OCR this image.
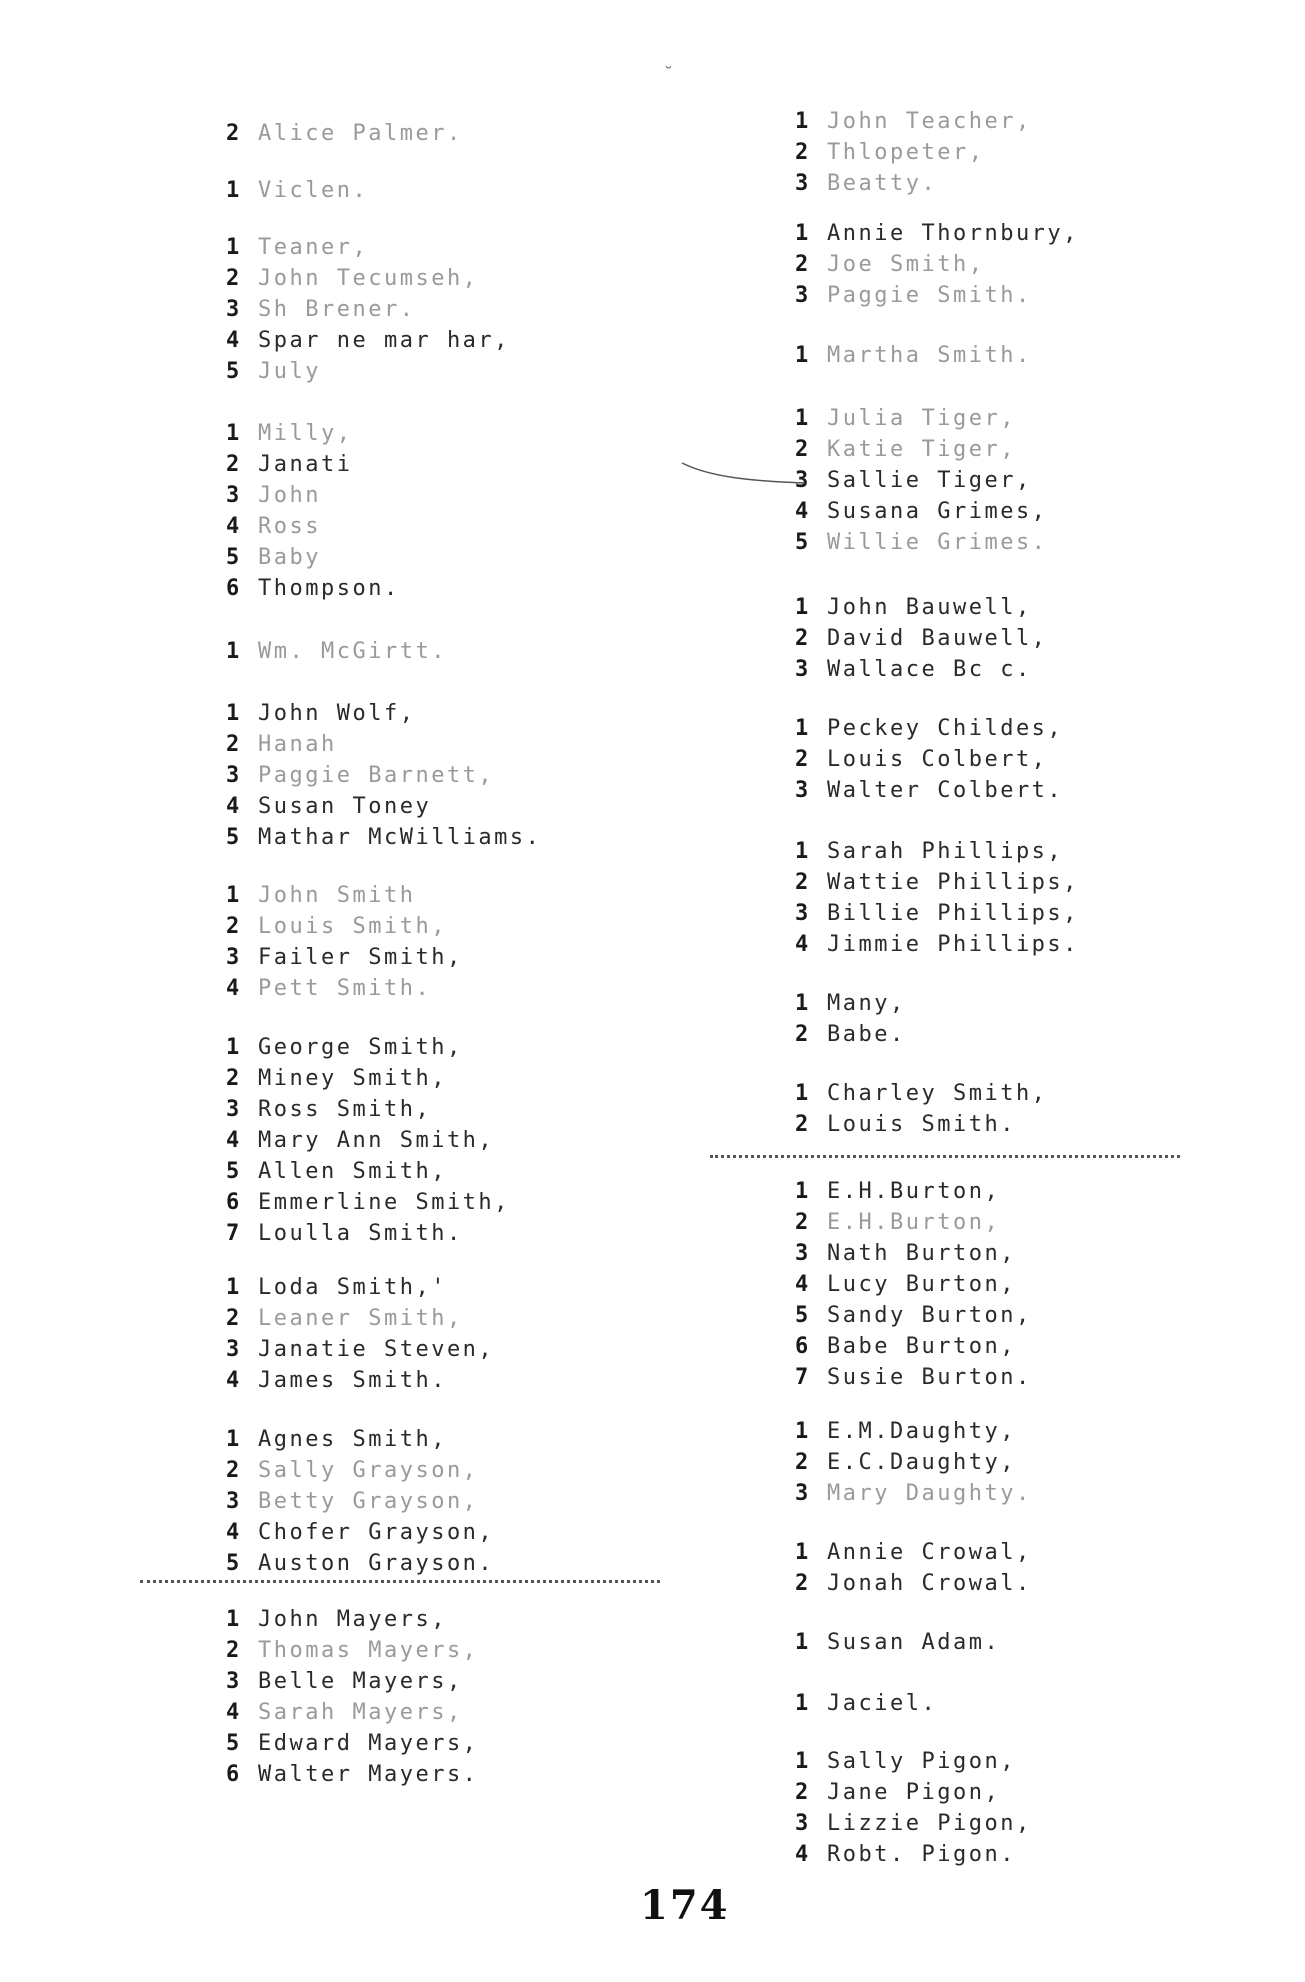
˘
2 Alice Palmer.
1 Viclen.
1 Teaner,
2 John Tecumseh,
3 Sh Brener.
4 Spar ne mar har,
5 July
1 Milly,
2 Janati
3 John
4 Ross
5 Baby
6 Thompson.
1 Wm. McGirtt.
1 John Wolf,
2 Hanah
3 Paggie Barnett,
4 Susan Toney
5 Mathar McWilliams.
1 John Smith
2 Louis Smith,
3 Failer Smith,
4 Pett Smith.
1 George Smith,
2 Miney Smith,
3 Ross Smith,
4 Mary Ann Smith,
5 Allen Smith,
6 Emmerline Smith,
7 Loulla Smith.
1 Loda Smith,'
2 Leaner Smith,
3 Janatie Steven,
4 James Smith.
1 Agnes Smith,
2 Sally Grayson,
3 Betty Grayson,
4 Chofer Grayson,
5 Auston Grayson.
1 John Mayers,
2 Thomas Mayers,
3 Belle Mayers,
4 Sarah Mayers,
5 Edward Mayers,
6 Walter Mayers.
1 John Teacher,
2 Thlopeter,
3 Beatty.
1 Annie Thornbury,
2 Joe Smith,
3 Paggie Smith.
1 Martha Smith.
1 Julia Tiger,
2 Katie Tiger,
3 Sallie Tiger,
4 Susana Grimes,
5 Willie Grimes.
1 John Bauwell,
2 David Bauwell,
3 Wallace Bc c.
1 Peckey Childes,
2 Louis Colbert,
3 Walter Colbert.
1 Sarah Phillips,
2 Wattie Phillips,
3 Billie Phillips,
4 Jimmie Phillips.
1 Many,
2 Babe.
1 Charley Smith,
2 Louis Smith.
1 E.H.Burton,
2 E.H.Burton,
3 Nath Burton,
4 Lucy Burton,
5 Sandy Burton,
6 Babe Burton,
7 Susie Burton.
1 E.M.Daughty,
2 E.C.Daughty,
3 Mary Daughty.
1 Annie Crowal,
2 Jonah Crowal.
1 Susan Adam.
1 Jaciel.
1 Sally Pigon,
2 Jane Pigon,
3 Lizzie Pigon,
4 Robt. Pigon.
174
